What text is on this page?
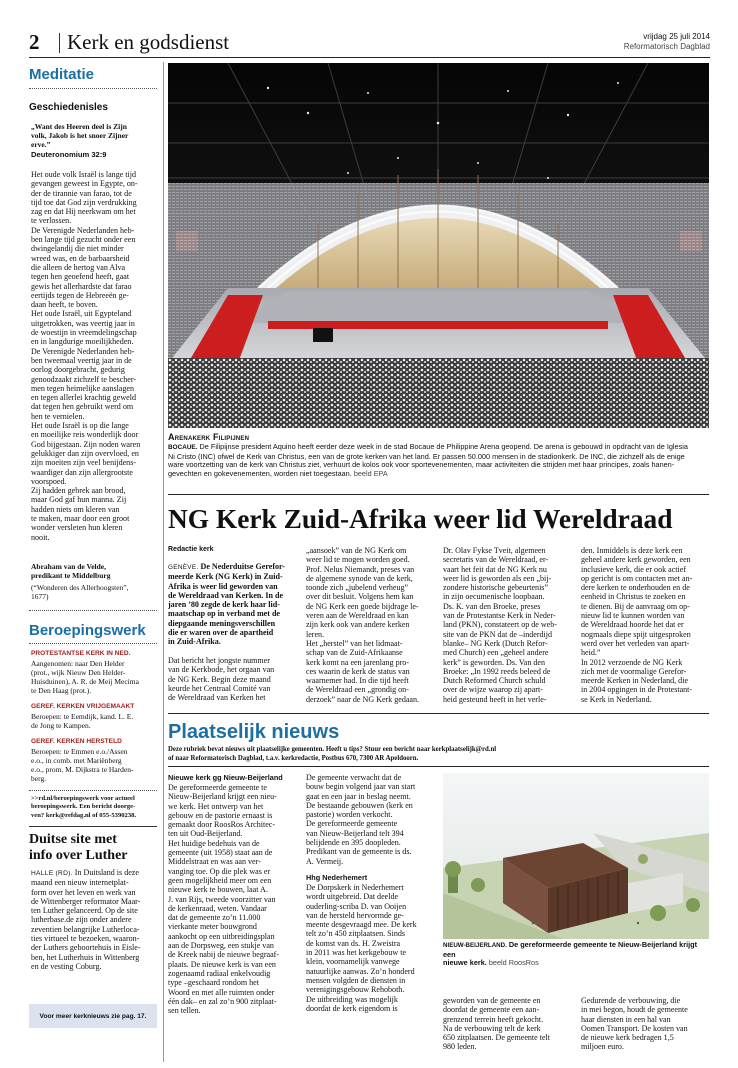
2 Kerk en godsdienst	vrijdag 25 juli 2014
Reformatorisch Dagblad
Meditatie
Geschiedenisles
„Want des Heeren deel is Zijn
volk, Jakob is het snoer Zijner
erve.”
Deuteronomium 32:9
Het oude volk Israël is lange tijd
gevangen geweest in Egypte, on-
der de tirannie van farao, tot de
tijd toe dat God zijn verdrukking
zag en dat Hij neerkwam om het
te verlossen.
De Verenigde Nederlanden heb-
ben lange tijd gezucht onder een
dwingelandij die niet minder
wreed was, en de barbaarsheid
die alleen de hertog van Alva
tegen hen geoefend heeft, gaat
gewis het allerhardste dat farao
eertijds tegen de Hebreeën ge-
daan heeft, te boven.
Het oude Israël, uit Egypteland
uitgetrokken, was veertig jaar in
de woestijn in vreemdelingschap
en in langdurige moeilijkheden.
De Verenigde Nederlanden heb-
ben tweemaal veertig jaar in de
oorlog doorgebracht, gedurig
genoodzaakt zichzelf te bescher-
men tegen heimelijke aanslagen
en tegen allerlei krachtig geweld
dat tegen hen gebruikt werd om
hen te vernielen.
Het oude Israël is op die lange
en moeilijke reis wonderlijk door
God bijgestaan. Zijn noden waren
gelukkiger dan zijn overvloed, en
zijn moeiten zijn veel benijdens-
waardiger dan zijn allergrootste
voorspoed.
Zij hadden gebrek aan brood,
maar God gaf hun manna. Zij
hadden niets om kleren van
te maken, maar door een groot
wonder versleten hun kleren
nooit.
Abraham van de Velde,
predikant te Middelburg
(“Wonderen des Allerhoogsten”,
1677)
Beroepingswerk
PROTESTANTSE KERK IN NED.
Aangenomen: naar Den Helder
(prot., wijk Nieuw Den Helder-
Huisduinen), A. R. de Meij Mecima
te Den Haag (prot.).
GEREF. KERKEN VRIJGEMAAKT
Beroepen: te Eemdijk, kand. L. E.
de Jong te Kampen.
GEREF. KERKEN HERSTELD
Beroepen: te Emmen e.o./Assen
e.o., in comb. met Mariënberg
e.o., prom. M. Dijkstra te Harden-
berg.
>>rd.nl/beroepingswerk voor actueel
beroepingswerk. Een bericht doorge-
ven? kerk@refdag.nl of 055-5390238.
Duitse site met
info over Luther
HALLE (RD). In Duitsland is deze
maand een nieuw internetplat-
form over het leven en werk van
de Wittenberger reformator Maar-
ten Luther gelanceerd. Op de site
lutherbase.de zijn onder andere
zeventien belangrijke Lutherloca-
ties virtueel te bezoeken, waaron-
der Luthers geboortehuis in Eisle-
ben, het Lutherhuis in Wittenberg
en de vesting Coburg.
Voor meer kerknieuws zie pag. 17.
Arenakerk Filipijnen
BOCAUE. De Filipijnse president Aquino heeft eerder deze week in de stad Bocaue de Philippine Arena geopend. De arena is gebouwd in opdracht van de Iglesia
Ni Cristo (INC) ofwel de Kerk van Christus, een van de grote kerken van het land. Er passen 50.000 mensen in de stadionkerk. De INC, die zichzelf als de enige
ware voortzetting van de kerk van Christus ziet, verhuurt de kolos ook voor sportevenementen, maar activiteiten die strijden met haar principes, zoals hanen-
gevechten en gokevenementen, worden niet toegestaan. beeld EPA
NG Kerk Zuid-Afrika weer lid Wereldraad
Redactie kerk
GENÈVE. De Nederduitse Gerefor-
meerde Kerk (NG Kerk) in Zuid-
Afrika is weer lid geworden van
de Wereldraad van Kerken. In de
jaren ’80 zegde de kerk haar lid-
maatschap op in verband met de
diepgaande meningsverschillen
die er waren over de apartheid
in Zuid-Afrika.
Dat bericht het jongste nummer
van de Kerkbode, het orgaan van
de NG Kerk. Begin deze maand
keurde het Centraal Comité van
de Wereldraad van Kerken het
„aansoek” van de NG Kerk om
weer lid te mogen worden goed.
Prof. Nelus Niemandt, preses van
de algemene synode van de kerk,
toonde zich „jubelend verheug”
over dit besluit. Volgens hem kan
de NG Kerk een goede bijdrage le-
veren aan de Wereldraad en kan
zijn kerk ook van andere kerken
leren.
Het „herstel” van het lidmaat-
schap van de Zuid-Afrikaanse
kerk komt na een jarenlang pro-
ces waarin de kerk de status van
waarnemer had. In die tijd heeft
de Wereldraad een „grondig on-
derzoek” naar de NG Kerk gedaan.
Dr. Olav Fykse Tveit, algemeen
secretaris van de Wereldraad, er-
vaart het feit dat de NG Kerk nu
weer lid is geworden als een „bij-
zondere historische gebeurtenis”
in zijn oecumenische loopbaan.
Ds. K. van den Broeke, preses
van de Protestantse Kerk in Neder-
land (PKN), constateert op de web-
site van de PKN dat de –inderdijd
blanke– NG Kerk (Dutch Refor-
med Church) een „geheel andere
kerk” is geworden. Ds. Van den
Broeke: „In 1992 reeds beleed de
Dutch Reformed Church schuld
over de wijze waarop zij apart-
heid gesteund heeft in het verle-
den. Inmiddels is deze kerk een
geheel andere kerk geworden, een
inclusieve kerk, die er ook actief
op gericht is om contacten met an-
dere kerken te onderhouden en de
eenheid in Christus te zoeken en
te dienen. Bij de aanvraag om op-
nieuw lid te kunnen worden van
de Wereldraad hoorde het dat er
nogmaals diepe spijt uitgesproken
werd over het verleden van apart-
heid.”
In 2012 verzoende de NG Kerk
zich met de voormalige Gerefor-
meerde Kerken in Nederland, die
in 2004 opgingen in de Protestant-
se Kerk in Nederland.
Plaatselijk nieuws
Deze rubriek bevat nieuws uit plaatselijke gemeenten. Heeft u tips? Stuur een bericht naar kerkplaatselijk@rd.nl
of naar Reformatorisch Dagblad, t.a.v. kerkredactie, Postbus 670, 7300 AR Apeldoorn.
Nieuwe kerk gg Nieuw-Beijerland
De gereformeerde gemeente te
Nieuw-Beijerland krijgt een nieu-
we kerk. Het ontwerp van het
gebouw en de pastorie ernaast is
gemaakt door RoosRos Architec-
ten uit Oud-Beijerland.
Het huidige bedehuis van de
gemeente (uit 1958) staat aan de
Middelstraat en was aan ver-
vanging toe. Op die plek was er
geen mogelijkheid meer om een
nieuwe kerk te bouwen, laat A.
J. van Rijs, tweede voorzitter van
de kerkenraad, weten. Vandaar
dat de gemeente zo’n 11.000
vierkante meter bouwgrond
aankocht op een uitbreidingsplan
aan de Dorpsweg, een stukje van
de Kreek nabij de nieuwe begraaf-
plaats. De nieuwe kerk is van een
zogenaamd radiaal enkelvoudig
type –geschaard rondom het
Woord en met alle ruimten onder
één dak– en zal zo’n 900 zitplaat-
sen tellen.
De gemeente verwacht dat de
bouw begin volgend jaar van start
gaat en een jaar in beslag neemt.
De bestaande gebouwen (kerk en
pastorie) worden verkocht.
De gereformeerde gemeente
van Nieuw-Beijerland telt 394
belijdende en 395 doopleden.
Predikant van de gemeente is ds.
A. Vermeij.
Hhg Nederhemert
De Dorpskerk in Nederhemert
wordt uitgebreid. Dat deelde
ouderling-scriba D. van Ooijen
van de hersteld hervormde ge-
meente desgevraagd mee. De kerk
telt zo’n 450 zitplaatsen. Sinds
de komst van ds. H. Zweistra
in 2011 was het kerkgebouw te
klein, voornamelijk vanwege
natuurlijke aanwas. Zo’n honderd
mensen volgden de diensten in
verenigingsgebouw Rehoboth.
De uitbreiding was mogelijk
doordat de kerk eigendom is
NIEUW-BEIJERLAND. De gereformeerde gemeente te Nieuw-Beijerland krijgt een
nieuwe kerk. beeld RoosRos
geworden van de gemeente en
doordat de gemeente een aan-
grenzend terrein heeft gekocht.
Na de verbouwing telt de kerk
650 zitplaatsen. De gemeente telt
980 leden.
Gedurende de verbouwing, die
in mei begon, houdt de gemeente
haar diensten in een hal van
Oomen Transport. De kosten van
de nieuwe kerk bedragen 1,5
miljoen euro.
